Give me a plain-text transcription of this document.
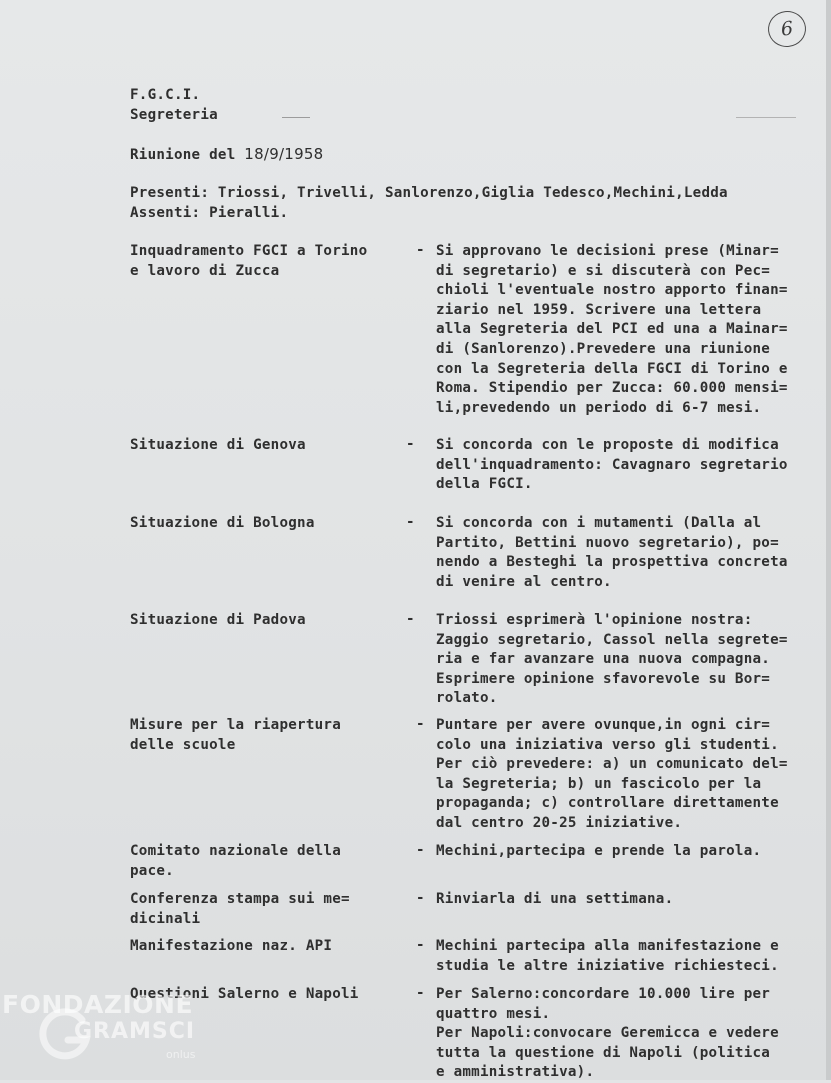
6
F.G.C.I.
Segreteria
Riunione del 18/9/1958
Presenti: Triossi, Trivelli, Sanlorenzo,Giglia Tedesco,Mechini,Ledda
Assenti: Pieralli.
Inquadramento FGCI a Torino
e lavoro di Zucca
- Si approvano le decisioni prese (Minar=
di segretario) e si discuterà con Pec=
chioli l'eventuale nostro apporto finan=
ziario nel 1959. Scrivere una lettera
alla Segreteria del PCI ed una a Mainar=
di (Sanlorenzo).Prevedere una riunione
con la Segreteria della FGCI di Torino e
Roma. Stipendio per Zucca: 60.000 mensi=
li,prevedendo un periodo di 6-7 mesi.
Situazione di Genova	- Si concorda con le proposte di modifica
dell'inquadramento: Cavagnaro segretario
della FGCI.
Situazione di Bologna	- Si concorda con i mutamenti (Dalla al
Partito, Bettini nuovo segretario), po=
nendo a Besteghi la prospettiva concreta
di venire al centro.
Situazione di Padova	- Triossi esprimerà l'opinione nostra:
Zaggio segretario, Cassol nella segrete=
ria e far avanzare una nuova compagna.
Esprimere opinione sfavorevole su Bor=
rolato.
Misure per la riapertura
delle scuole
- Puntare per avere ovunque,in ogni cir=
colo una iniziativa verso gli studenti.
Per ciò prevedere: a) un comunicato del=
la Segreteria; b) un fascicolo per la
propaganda; c) controllare direttamente
dal centro 20-25 iniziative.
Comitato nazionale della
pace.
- Mechini,partecipa e prende la parola.
Conferenza stampa sui me=
dicinali
- Rinviarla di una settimana.
Manifestazione naz. API	- Mechini partecipa alla manifestazione e
studia le altre iniziative richiesteci.
Questioni Salerno e Napoli	- Per Salerno:concordare 10.000 lire per
quattro mesi.
Per Napoli:convocare Geremicca e vedere
tutta la questione di Napoli (politica
e amministrativa).
FONDAZIONE
GRAMSCI
onlus
